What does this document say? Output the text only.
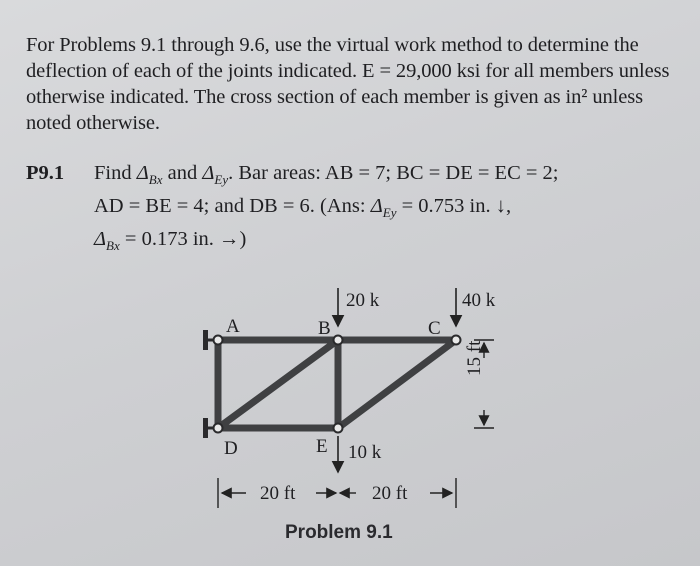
For Problems 9.1 through 9.6, use the virtual work method to determine the deflection of each of the joints indicated. E = 29,000 ksi for all members unless otherwise indicated. The cross section of each member is given as in² unless noted otherwise.

P9.1 Find $\Delta_{Bx}$ and $\Delta_{Ey}$. Bar areas: AB = 7; BC = DE = EC = 2;
AD = BE = 4; and DB = 6. (Ans: $\Delta_{Ey} = 0.753$ in. ↓,
$\Delta_{Bx} = 0.173$ in. →)
A	B	C
D	E
20 k	40 k
10 k
20 ft	20 ft
15 ft
Problem 9.1
